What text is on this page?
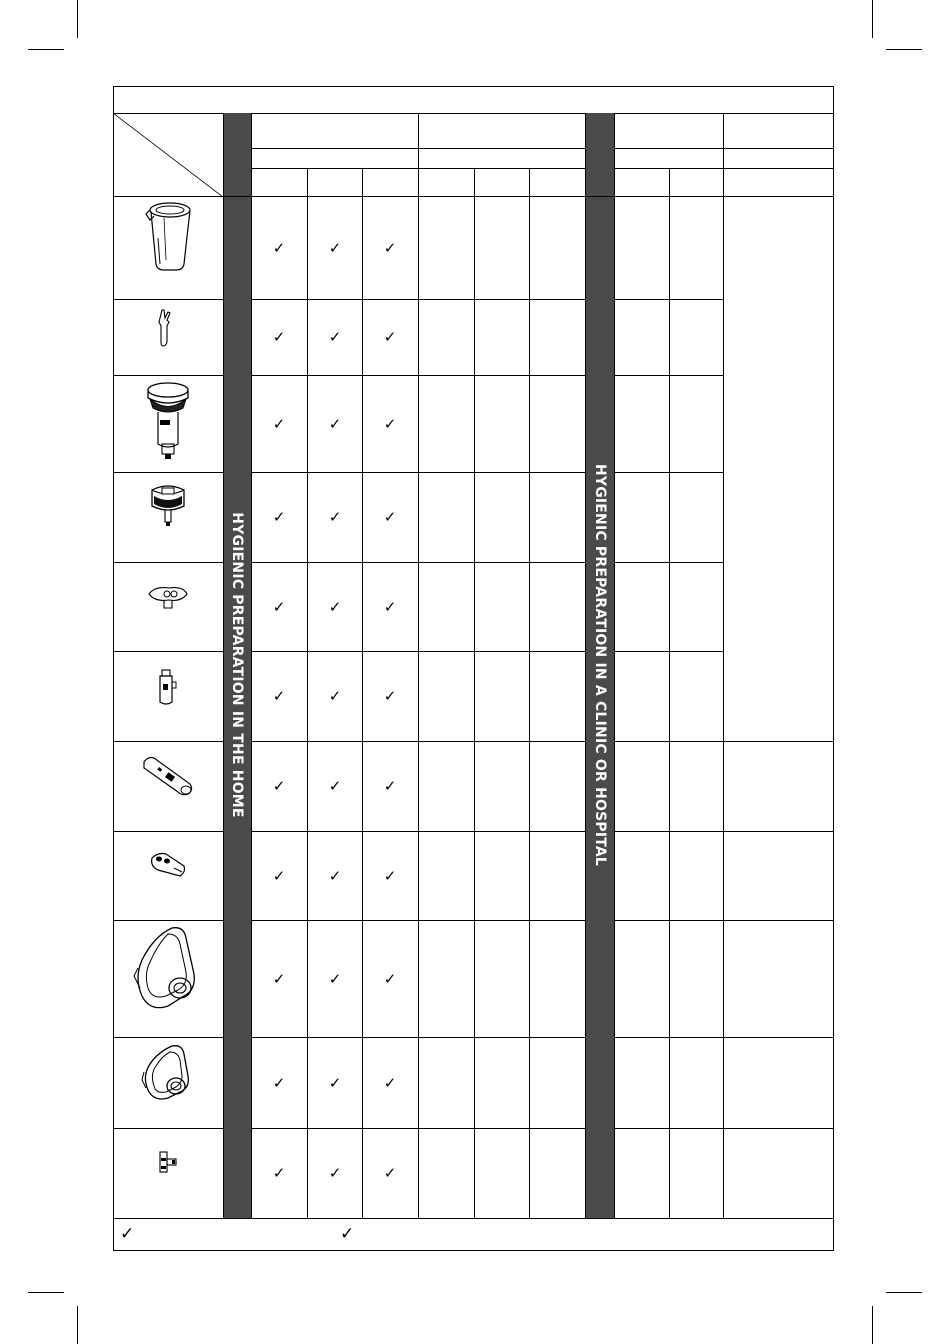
HYGIENIC PREPARATION IN THE HOME	HYGIENIC PREPARATION IN A CLINIC OR HOSPITAL
✓	✓
✓	✓	✓
✓	✓	✓
✓	✓	✓
✓	✓	✓
✓	✓	✓
✓	✓	✓
✓	✓	✓
✓	✓	✓
✓	✓	✓
✓	✓	✓
✓	✓	✓
